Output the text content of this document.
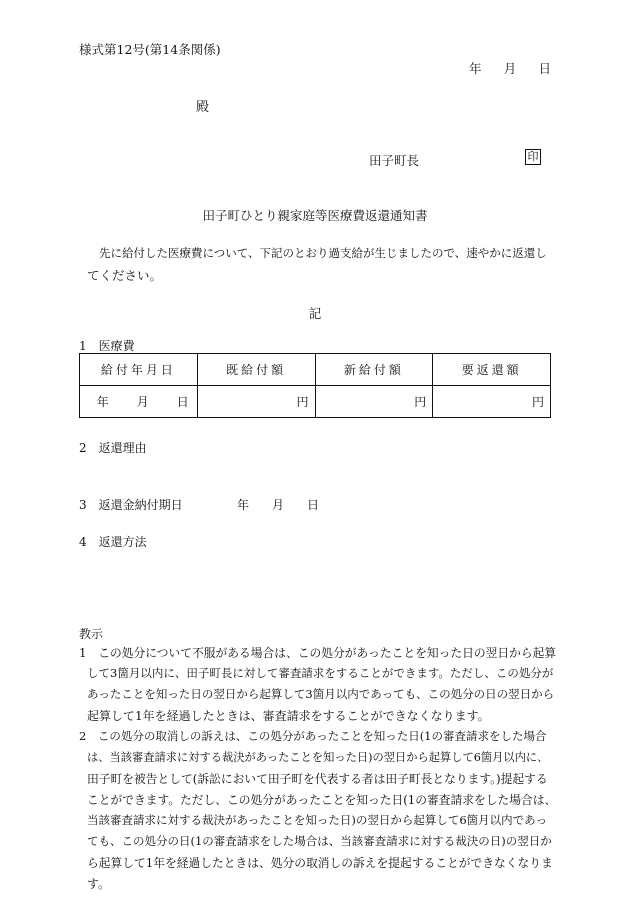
様式第12号(第14条関係)
年 月 日
殿
田子町長	印
田子町ひとり親家庭等医療費返還通知書
先に給付した医療費について、下記のとおり過支給が生じましたので、速やかに返還し
てください。
記
1　医療費
給付年月日	既給付額	新給付額	要返還額
年 月 日	円	円	円
2　返還理由
3　返還金納付期日	年 月 日
4　返還方法
教示
1　この処分について不服がある場合は、この処分があったことを知った日の翌日から起算
して3箇月以内に、田子町長に対して審査請求をすることができます。ただし、この処分が
あったことを知った日の翌日から起算して3箇月以内であっても、この処分の日の翌日から
起算して1年を経過したときは、審査請求をすることができなくなります。
2　この処分の取消しの訴えは、この処分があったことを知った日(1の審査請求をした場合
は、当該審査請求に対する裁決があったことを知った日)の翌日から起算して6箇月以内に、
田子町を被告として(訴訟において田子町を代表する者は田子町長となります。)提起する
ことができます。ただし、この処分があったことを知った日(1の審査請求をした場合は、
当該審査請求に対する裁決があったことを知った日)の翌日から起算して6箇月以内であっ
ても、この処分の日(1の審査請求をした場合は、当該審査請求に対する裁決の日)の翌日か
ら起算して1年を経過したときは、処分の取消しの訴えを提起することができなくなりま
す。
